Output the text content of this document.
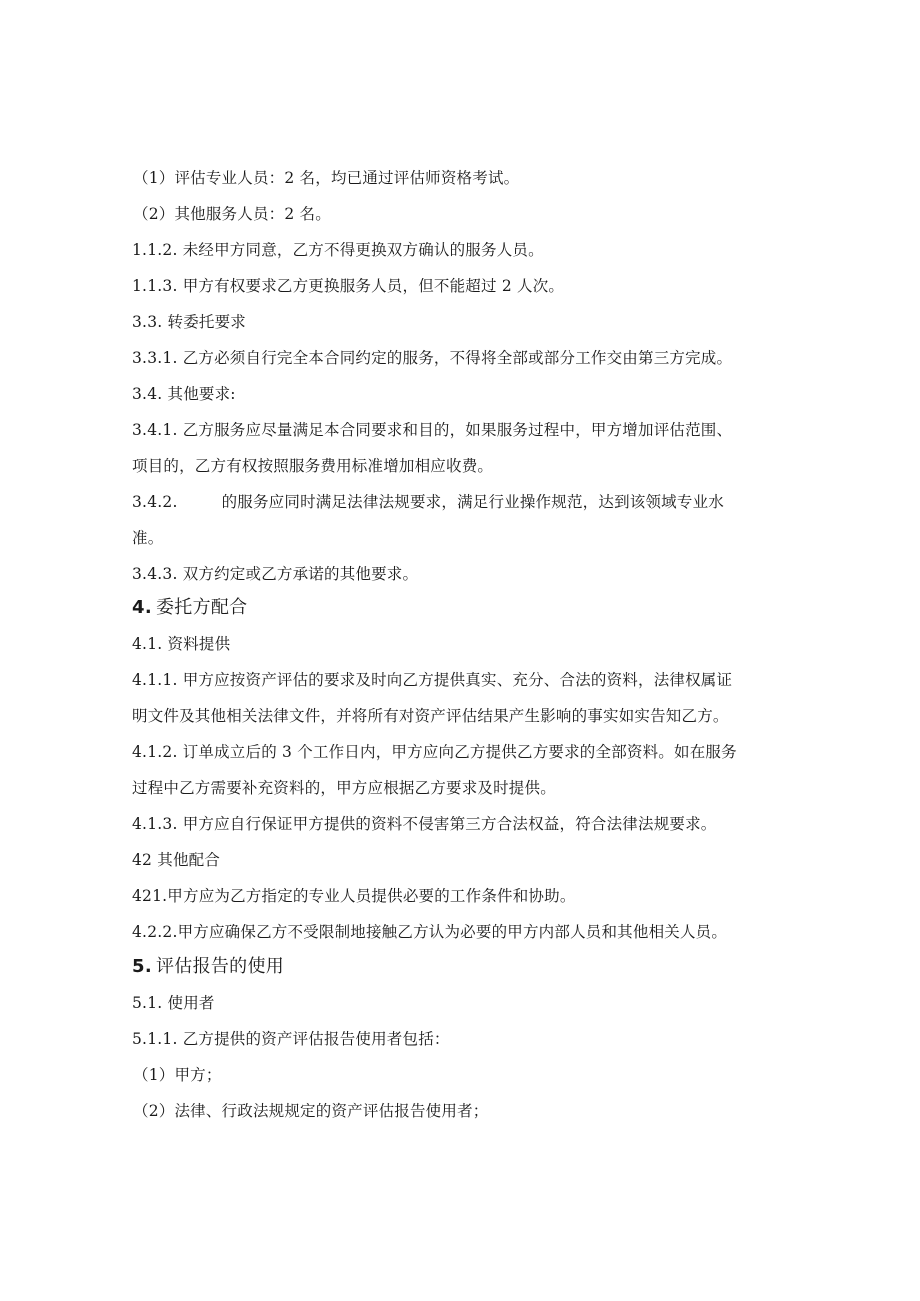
（1）评估专业人员：2 名，均已通过评估师资格考试。
（2）其他服务人员：2 名。
1.1.2. 未经甲方同意，乙方不得更换双方确认的服务人员。
1.1.3. 甲方有权要求乙方更换服务人员，但不能超过 2 人次。
3.3. 转委托要求
3.3.1. 乙方必须自行完全本合同约定的服务，不得将全部或部分工作交由第三方完成。
3.4. 其他要求:
3.4.1. 乙方服务应尽量满足本合同要求和目的，如果服务过程中，甲方增加评估范围、
项目的，乙方有权按照服务费用标准增加相应收费。
3.4.2.	的服务应同时满足法律法规要求，满足行业操作规范，达到该领域专业水
准。
3.4.3. 双方约定或乙方承诺的其他要求。
4. 委托方配合
4.1. 资料提供
4.1.1. 甲方应按资产评估的要求及时向乙方提供真实、充分、合法的资料，法律权属证
明文件及其他相关法律文件，并将所有对资产评估结果产生影响的事实如实告知乙方。
4.1.2. 订单成立后的 3 个工作日内，甲方应向乙方提供乙方要求的全部资料。如在服务
过程中乙方需要补充资料的，甲方应根据乙方要求及时提供。
4.1.3. 甲方应自行保证甲方提供的资料不侵害第三方合法权益，符合法律法规要求。
42 其他配合
421.甲方应为乙方指定的专业人员提供必要的工作条件和协助。
4.2.2.甲方应确保乙方不受限制地接触乙方认为必要的甲方内部人员和其他相关人员。
5. 评估报告的使用
5.1. 使用者
5.1.1. 乙方提供的资产评估报告使用者包括：
（1）甲方；
（2）法律、行政法规规定的资产评估报告使用者；
